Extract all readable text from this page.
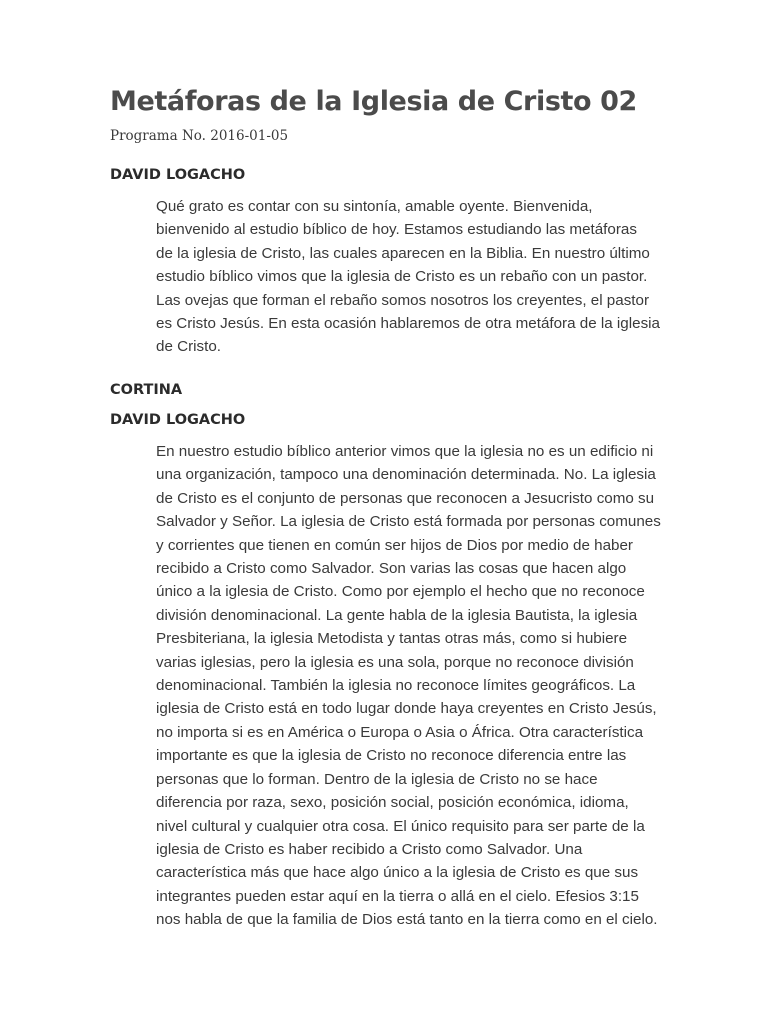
Metáforas de la Iglesia de Cristo 02

Programa No. 2016-01-05

DAVID LOGACHO

Qué grato es contar con su sintonía, amable oyente. Bienvenida,
bienvenido al estudio bíblico de hoy. Estamos estudiando las metáforas
de la iglesia de Cristo, las cuales aparecen en la Biblia. En nuestro último
estudio bíblico vimos que la iglesia de Cristo es un rebaño con un pastor.
Las ovejas que forman el rebaño somos nosotros los creyentes, el pastor
es Cristo Jesús. En esta ocasión hablaremos de otra metáfora de la iglesia
de Cristo.

CORTINA

DAVID LOGACHO

En nuestro estudio bíblico anterior vimos que la iglesia no es un edificio ni
una organización, tampoco una denominación determinada. No. La iglesia
de Cristo es el conjunto de personas que reconocen a Jesucristo como su
Salvador y Señor. La iglesia de Cristo está formada por personas comunes
y corrientes que tienen en común ser hijos de Dios por medio de haber
recibido a Cristo como Salvador. Son varias las cosas que hacen algo
único a la iglesia de Cristo. Como por ejemplo el hecho que no reconoce
división denominacional. La gente habla de la iglesia Bautista, la iglesia
Presbiteriana, la iglesia Metodista y tantas otras más, como si hubiere
varias iglesias, pero la iglesia es una sola, porque no reconoce división
denominacional. También la iglesia no reconoce límites geográficos. La
iglesia de Cristo está en todo lugar donde haya creyentes en Cristo Jesús,
no importa si es en América o Europa o Asia o África. Otra característica
importante es que la iglesia de Cristo no reconoce diferencia entre las
personas que lo forman. Dentro de la iglesia de Cristo no se hace
diferencia por raza, sexo, posición social, posición económica, idioma,
nivel cultural y cualquier otra cosa. El único requisito para ser parte de la
iglesia de Cristo es haber recibido a Cristo como Salvador. Una
característica más que hace algo único a la iglesia de Cristo es que sus
integrantes pueden estar aquí en la tierra o allá en el cielo. Efesios 3:15
nos habla de que la familia de Dios está tanto en la tierra como en el cielo.
